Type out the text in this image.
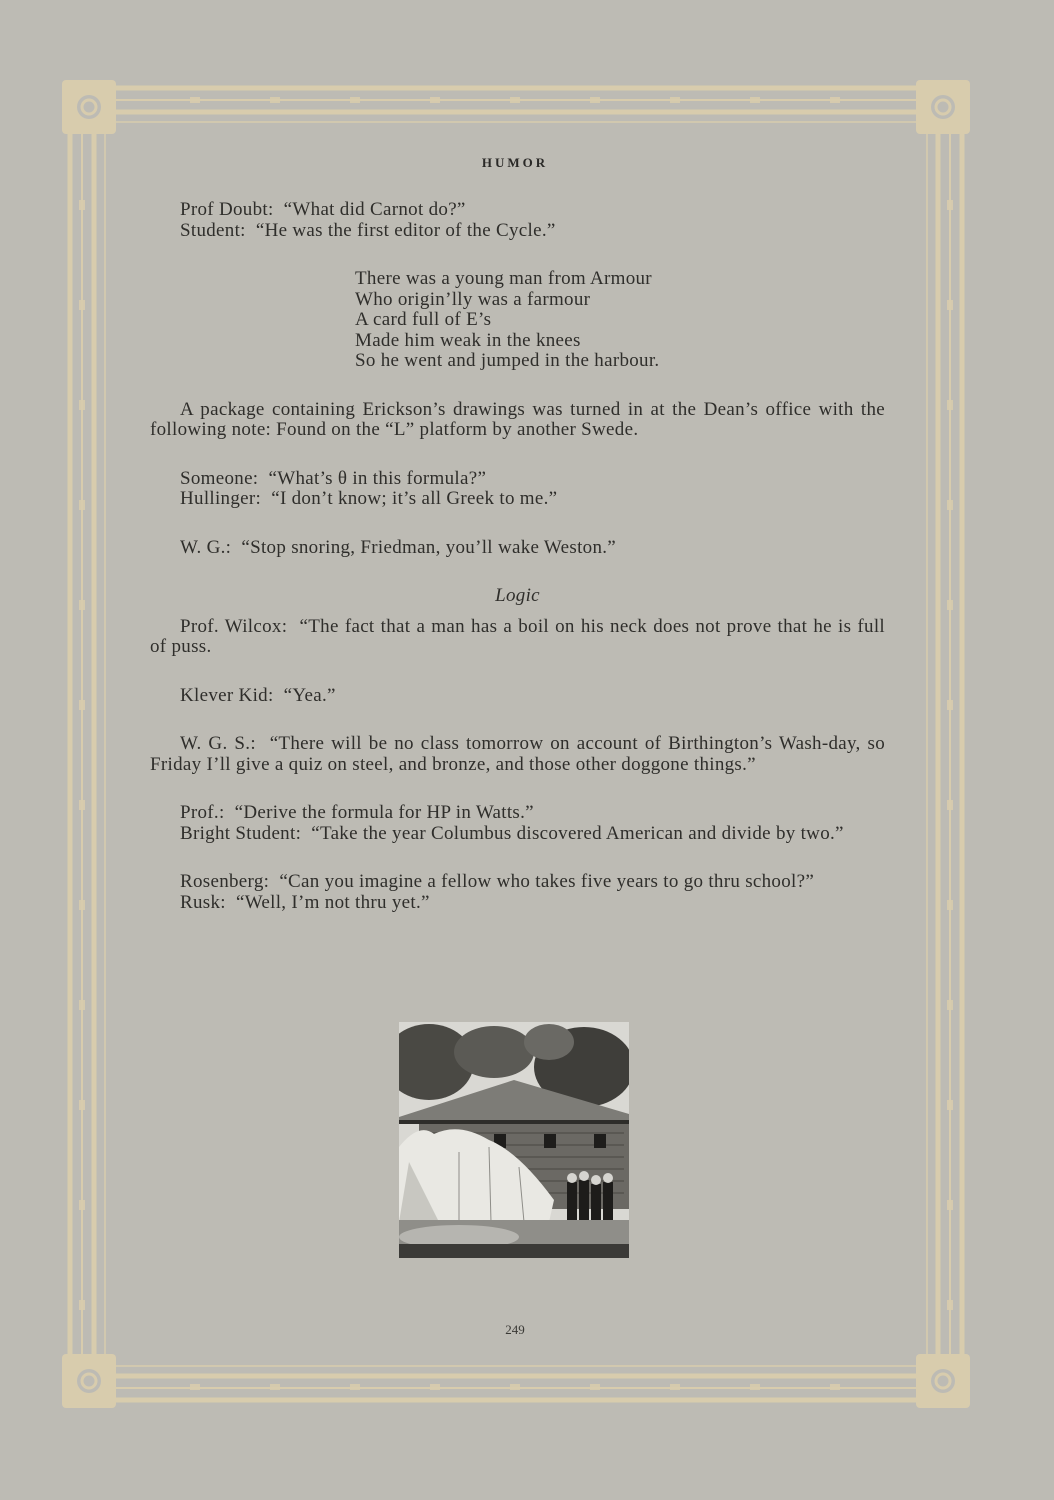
HUMOR

Prof Doubt: “What did Carnot do?”

Student: “He was the first editor of the Cycle.”

There was a young man from Armour

Who origin’lly was a farmour

A card full of E’s

Made him weak in the knees

So he went and jumped in the harbour.

A package containing Erickson’s drawings was turned in at the Dean’s office with the following note: Found on the “L” platform by another Swede.

Someone: “What’s θ in this formula?”

Hullinger: “I don’t know; it’s all Greek to me.”

W. G.: “Stop snoring, Friedman, you’ll wake Weston.”

Logic

Prof. Wilcox: “The fact that a man has a boil on his neck does not prove that he is full of puss.

Klever Kid: “Yea.”

W. G. S.: “There will be no class tomorrow on account of Birthington’s Wash-day, so Friday I’ll give a quiz on steel, and bronze, and those other doggone things.”

Prof.: “Derive the formula for HP in Watts.”

Bright Student: “Take the year Columbus discovered American and divide by two.”

Rosenberg: “Can you imagine a fellow who takes five years to go thru school?”

Rusk: “Well, I’m not thru yet.”

249
